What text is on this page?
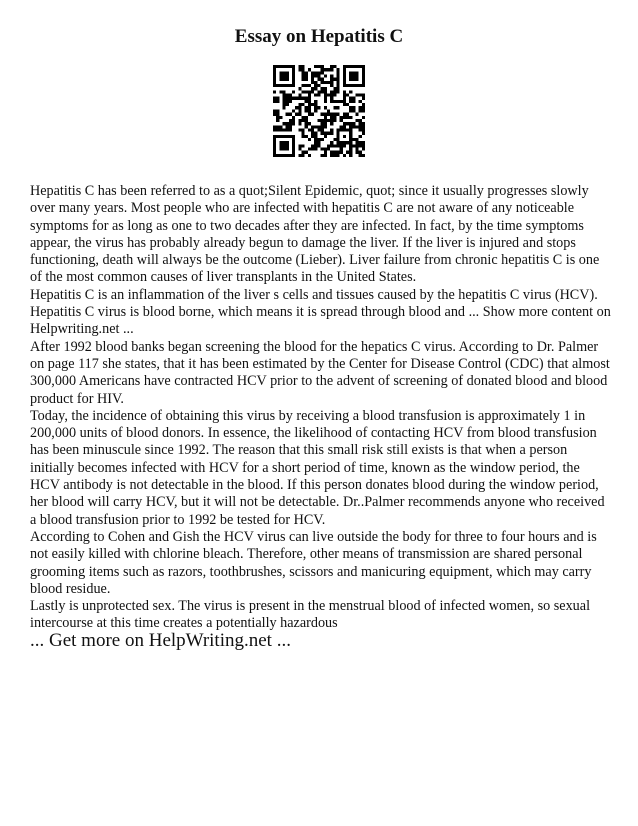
Essay on Hepatitis C

Hepatitis C has been referred to as a quot;Silent Epidemic, quot; since it usually progresses slowly over many years. Most people who are infected with hepatitis C are not aware of any noticeable symptoms for as long as one to two decades after they are infected. In fact, by the time symptoms appear, the virus has probably already begun to damage the liver. If the liver is injured and stops functioning, death will always be the outcome (Lieber). Liver failure from chronic hepatitis C is one of the most common causes of liver transplants in the United States.

Hepatitis C is an inflammation of the liver s cells and tissues caused by the hepatitis C virus (HCV). Hepatitis C virus is blood borne, which means it is spread through blood and ... Show more content on Helpwriting.net ...

After 1992 blood banks began screening the blood for the hepatics C virus. According to Dr. Palmer on page 117 she states, that it has been estimated by the Center for Disease Control (CDC) that almost 300,000 Americans have contracted HCV prior to the advent of screening of donated blood and blood product for HIV.

Today, the incidence of obtaining this virus by receiving a blood transfusion is approximately 1 in 200,000 units of blood donors. In essence, the likelihood of contacting HCV from blood transfusion has been minuscule since 1992. The reason that this small risk still exists is that when a person initially becomes infected with HCV for a short period of time, known as the window period, the HCV antibody is not detectable in the blood. If this person donates blood during the window period, her blood will carry HCV, but it will not be detectable. Dr..Palmer recommends anyone who received a blood transfusion prior to 1992 be tested for HCV.

According to Cohen and Gish the HCV virus can live outside the body for three to four hours and is not easily killed with chlorine bleach. Therefore, other means of transmission are shared personal grooming items such as razors, toothbrushes, scissors and manicuring equipment, which may carry blood residue.

Lastly is unprotected sex. The virus is present in the menstrual blood of infected women, so sexual intercourse at this time creates a potentially hazardous

... Get more on HelpWriting.net ...
